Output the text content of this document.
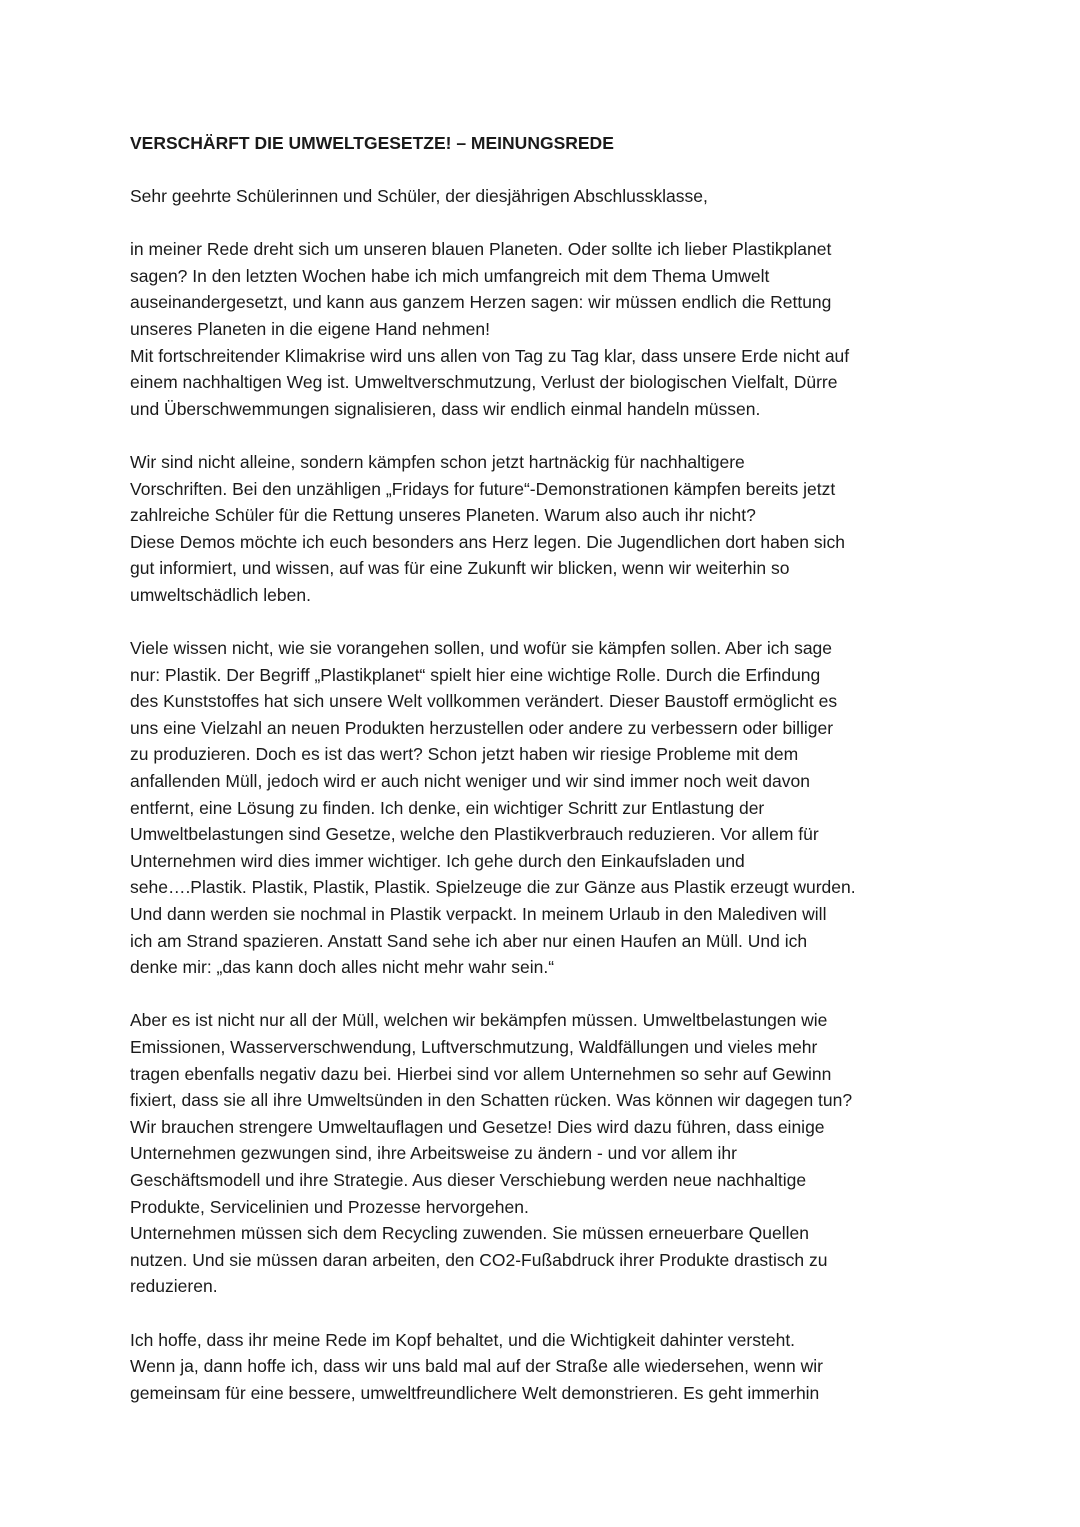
VERSCHÄRFT DIE UMWELTGESETZE! – MEINUNGSREDE
Sehr geehrte Schülerinnen und Schüler, der diesjährigen Abschlussklasse,
in meiner Rede dreht sich um unseren blauen Planeten. Oder sollte ich lieber Plastikplanet
sagen? In den letzten Wochen habe ich mich umfangreich mit dem Thema Umwelt
auseinandergesetzt, und kann aus ganzem Herzen sagen: wir müssen endlich die Rettung
unseres Planeten in die eigene Hand nehmen!
Mit fortschreitender Klimakrise wird uns allen von Tag zu Tag klar, dass unsere Erde nicht auf
einem nachhaltigen Weg ist. Umweltverschmutzung, Verlust der biologischen Vielfalt, Dürre
und Überschwemmungen signalisieren, dass wir endlich einmal handeln müssen.
Wir sind nicht alleine, sondern kämpfen schon jetzt hartnäckig für nachhaltigere
Vorschriften. Bei den unzähligen „Fridays for future“-Demonstrationen kämpfen bereits jetzt
zahlreiche Schüler für die Rettung unseres Planeten. Warum also auch ihr nicht?
Diese Demos möchte ich euch besonders ans Herz legen. Die Jugendlichen dort haben sich
gut informiert, und wissen, auf was für eine Zukunft wir blicken, wenn wir weiterhin so
umweltschädlich leben.
Viele wissen nicht, wie sie vorangehen sollen, und wofür sie kämpfen sollen. Aber ich sage
nur: Plastik. Der Begriff „Plastikplanet“ spielt hier eine wichtige Rolle. Durch die Erfindung
des Kunststoffes hat sich unsere Welt vollkommen verändert. Dieser Baustoff ermöglicht es
uns eine Vielzahl an neuen Produkten herzustellen oder andere zu verbessern oder billiger
zu produzieren. Doch es ist das wert? Schon jetzt haben wir riesige Probleme mit dem
anfallenden Müll, jedoch wird er auch nicht weniger und wir sind immer noch weit davon
entfernt, eine Lösung zu finden. Ich denke, ein wichtiger Schritt zur Entlastung der
Umweltbelastungen sind Gesetze, welche den Plastikverbrauch reduzieren. Vor allem für
Unternehmen wird dies immer wichtiger. Ich gehe durch den Einkaufsladen und
sehe….Plastik. Plastik, Plastik, Plastik. Spielzeuge die zur Gänze aus Plastik erzeugt wurden.
Und dann werden sie nochmal in Plastik verpackt. In meinem Urlaub in den Malediven will
ich am Strand spazieren. Anstatt Sand sehe ich aber nur einen Haufen an Müll. Und ich
denke mir: „das kann doch alles nicht mehr wahr sein.“
Aber es ist nicht nur all der Müll, welchen wir bekämpfen müssen. Umweltbelastungen wie
Emissionen, Wasserverschwendung, Luftverschmutzung, Waldfällungen und vieles mehr
tragen ebenfalls negativ dazu bei. Hierbei sind vor allem Unternehmen so sehr auf Gewinn
fixiert, dass sie all ihre Umweltsünden in den Schatten rücken. Was können wir dagegen tun?
Wir brauchen strengere Umweltauflagen und Gesetze! Dies wird dazu führen, dass einige
Unternehmen gezwungen sind, ihre Arbeitsweise zu ändern - und vor allem ihr
Geschäftsmodell und ihre Strategie. Aus dieser Verschiebung werden neue nachhaltige
Produkte, Servicelinien und Prozesse hervorgehen.
Unternehmen müssen sich dem Recycling zuwenden. Sie müssen erneuerbare Quellen
nutzen. Und sie müssen daran arbeiten, den CO2-Fußabdruck ihrer Produkte drastisch zu
reduzieren.
Ich hoffe, dass ihr meine Rede im Kopf behaltet, und die Wichtigkeit dahinter versteht.
Wenn ja, dann hoffe ich, dass wir uns bald mal auf der Straße alle wiedersehen, wenn wir
gemeinsam für eine bessere, umweltfreundlichere Welt demonstrieren. Es geht immerhin
